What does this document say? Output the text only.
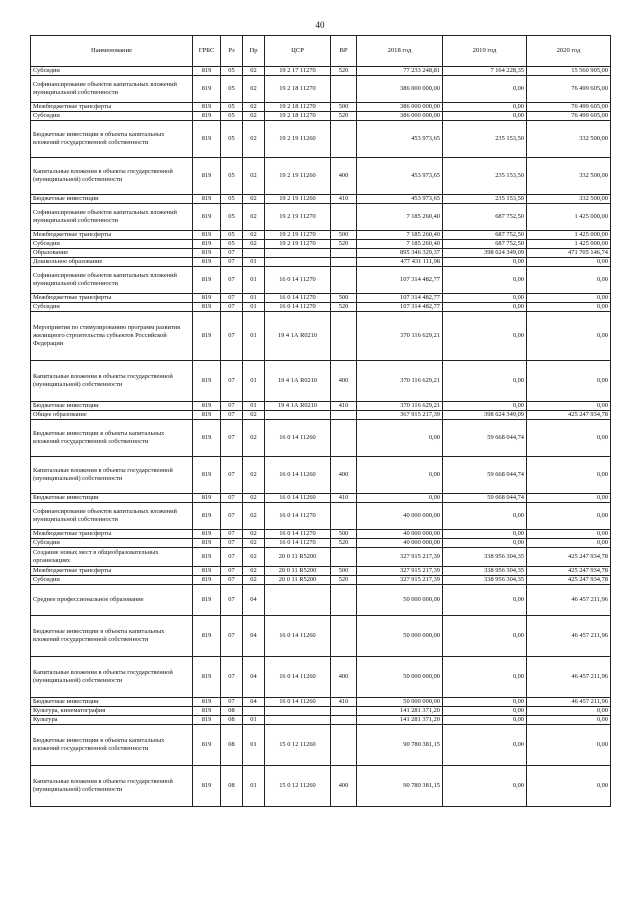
40
Наименование	ГРБС	Рз	Пр	ЦСР	ВР	2018 год	2019 год	2020 год
Субсидии	819	05	02	19 2 17 11270	520	77 233 248,81	7 164 228,35	15 560 905,00
Софинансирование объектов капитальных вложений муниципальной собственности	819	05	02	19 2 18 11270		386 000 000,00	0,00	76 499 605,00
Межбюджетные трансферты	819	05	02	19 2 18 11270	500	386 000 000,00	0,00	76 499 605,00
Субсидии	819	05	02	19 2 18 11270	520	386 000 000,00	0,00	76 499 605,00
Бюджетные инвестиции в объекты капитальных вложений государственной собственности	819	05	02	19 2 19 11260		453 973,65	235 153,50	332 500,00
Капитальные вложения в объекты государственной (муниципальной) собственности	819	05	02	19 2 19 11260	400	453 973,65	235 153,50	332 500,00
Бюджетные инвестиции	819	05	02	19 2 19 11260	410	453 973,65	235 153,50	332 500,00
Софинансирование объектов капитальных вложений муниципальной собственности	819	05	02	19 2 19 11270		7 185 260,40	687 752,50	1 425 000,00
Межбюджетные трансферты	819	05	02	19 2 19 11270	500	7 185 260,40	687 752,50	1 425 000,00
Субсидии	819	05	02	19 2 19 11270	520	7 185 260,40	687 752,50	1 425 000,00
Образование	819	07				895 346 329,37	398 624 349,09	471 705 146,74
Дошкольное образование	819	07	01			477 431 111,98	0,00	0,00
Софинансирование объектов капитальных вложений муниципальной собственности	819	07	01	16 0 14 11270		107 314 482,77	0,00	0,00
Межбюджетные трансферты	819	07	01	16 0 14 11270	500	107 314 482,77	0,00	0,00
Субсидии	819	07	01	16 0 14 11270	520	107 314 482,77	0,00	0,00
Мероприятия по стимулированию программ развития жилищного строительства субъектов Российской Федерации	819	07	01	19 4 1А R0210		370 116 629,21	0,00	0,00
Капитальные вложения в объекты государственной (муниципальной) собственности	819	07	01	19 4 1А R0210	400	370 116 629,21	0,00	0,00
Бюджетные инвестиции	819	07	01	19 4 1А R0210	410	370 116 629,21	0,00	0,00
Общее образование	819	07	02			367 915 217,39	398 624 349,09	425 247 934,78
Бюджетные инвестиции в объекты капитальных вложений государственной собственности	819	07	02	16 0 14 11260		0,00	59 668 044,74	0,00
Капитальные вложения в объекты государственной (муниципальной) собственности	819	07	02	16 0 14 11260	400	0,00	59 668 044,74	0,00
Бюджетные инвестиции	819	07	02	16 0 14 11260	410	0,00	59 668 044,74	0,00
Софинансирование объектов капитальных вложений муниципальной собственности	819	07	02	16 0 14 11270		40 000 000,00	0,00	0,00
Межбюджетные трансферты	819	07	02	16 0 14 11270	500	40 000 000,00	0,00	0,00
Субсидии	819	07	02	16 0 14 11270	520	40 000 000,00	0,00	0,00
Создание новых мест в общеобразовательных организациях	819	07	02	20 0 11 R5200		327 915 217,39	338 956 304,35	425 247 934,78
Межбюджетные трансферты	819	07	02	20 0 11 R5200	500	327 915 217,39	338 956 304,35	425 247 934,78
Субсидии	819	07	02	20 0 11 R5200	520	327 915 217,39	338 956 304,35	425 247 934,78
Среднее профессиональное образование	819	07	04			50 000 000,00	0,00	46 457 211,96
Бюджетные инвестиции в объекты капитальных вложений государственной собственности	819	07	04	16 0 14 11260		50 000 000,00	0,00	46 457 211,96
Капитальные вложения в объекты государственной (муниципальной) собственности	819	07	04	16 0 14 11260	400	50 000 000,00	0,00	46 457 211,96
Бюджетные инвестиции	819	07	04	16 0 14 11260	410	50 000 000,00	0,00	46 457 211,96
Культура, кинематография	819	08				141 281 371,20	0,00	0,00
Культура	819	08	01			141 281 371,20	0,00	0,00
Бюджетные инвестиции в объекты капитальных вложений государственной собственности	819	08	01	15 0 12 11260		90 780 381,15	0,00	0,00
Капитальные вложения в объекты государственной (муниципальной) собственности	819	08	01	15 0 12 11260	400	90 780 381,15	0,00	0,00
